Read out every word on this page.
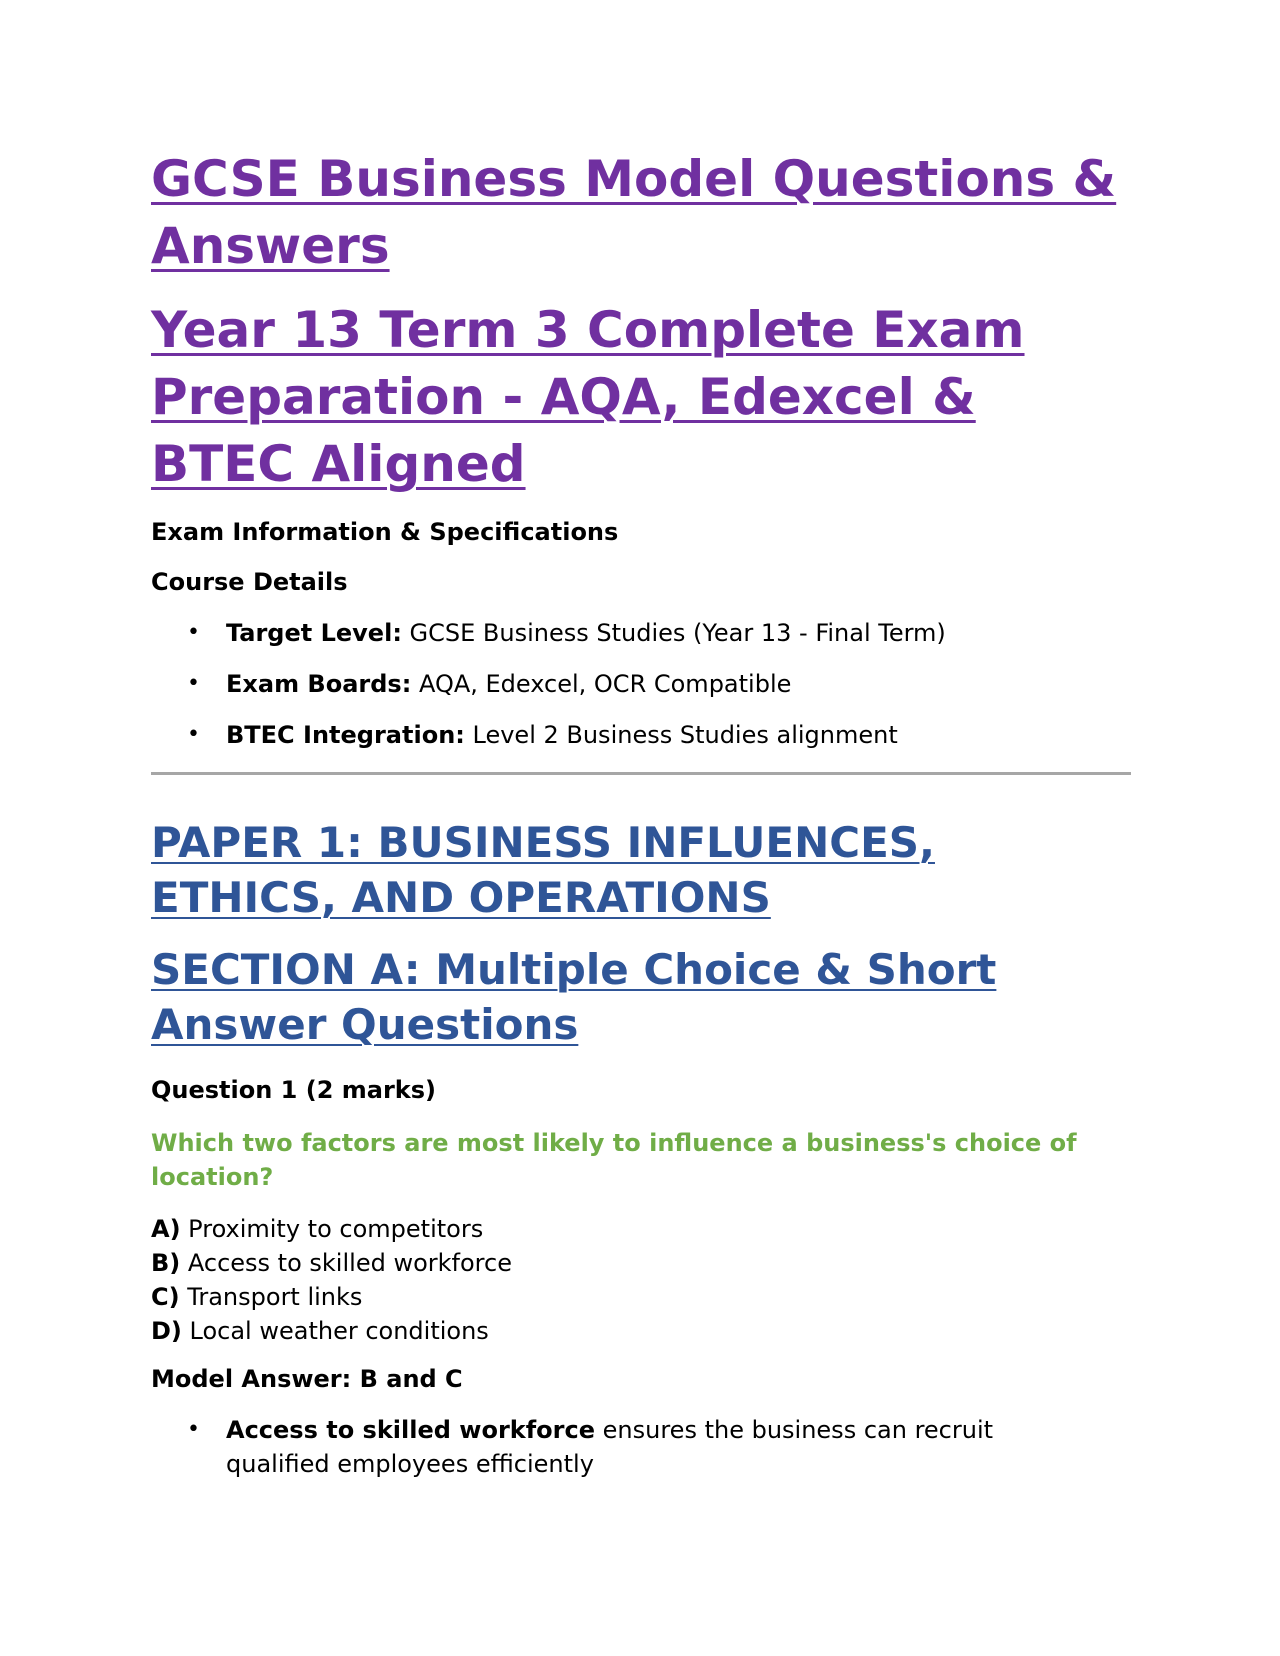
GCSE Business Model Questions & Answers
Year 13 Term 3 Complete Exam Preparation - AQA, Edexcel & BTEC Aligned

Exam Information & Specifications

Course Details

• Target Level: GCSE Business Studies (Year 13 - Final Term)
• Exam Boards: AQA, Edexcel, OCR Compatible
• BTEC Integration: Level 2 Business Studies alignment
PAPER 1: BUSINESS INFLUENCES, ETHICS, AND OPERATIONS
SECTION A: Multiple Choice & Short Answer Questions

Question 1 (2 marks)

Which two factors are most likely to influence a business's choice of location?

A) Proximity to competitors
B) Access to skilled workforce
C) Transport links
D) Local weather conditions

Model Answer: B and C

• Access to skilled workforce ensures the business can recruit qualified employees efficiently
